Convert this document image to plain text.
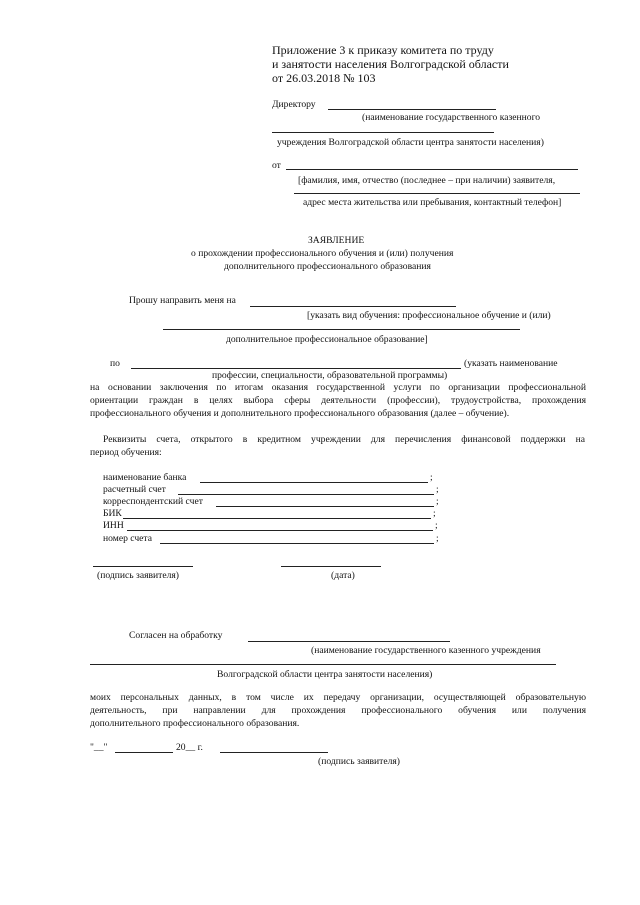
Приложение 3 к приказу комитета по труду
и занятости населения Волгоградской области
от 26.03.2018 № 103
Директору
(наименование государственного казенного
учреждения Волгоградской области центра занятости населения)
от
[фамилия, имя, отчество (последнее – при наличии) заявителя,
адрес места жительства или пребывания, контактный телефон]
ЗАЯВЛЕНИЕ
о прохождении профессионального обучения и (или) получения
дополнительного профессионального образования
Прошу направить меня на
[указать вид обучения: профессиональное обучение и (или)
дополнительное профессиональное образование]
по	(указать наименование
профессии, специальности, образовательной программы)
на основании заключения по итогам оказания государственной услуги по организации профессиональной
ориентации граждан в целях выбора сферы деятельности (профессии), трудоустройства, прохождения
профессионального обучения и дополнительного профессионального образования (далее – обучение).
Реквизиты счета, открытого в кредитном учреждении для перечисления финансовой поддержки на
период обучения:
наименование банка	;
расчетный счет	;
корреспондентский счет	;
БИК	;
ИНН	;
номер счета	;
(подпись заявителя)	(дата)
Согласен на обработку
(наименование государственного казенного учреждения
Волгоградской области центра занятости населения)
моих персональных данных, в том числе их передачу организации, осуществляющей образовательную
деятельность, при направлении для прохождения профессионального обучения или получения
дополнительного профессионального образования.
"__"	20__ г.
(подпись заявителя)
